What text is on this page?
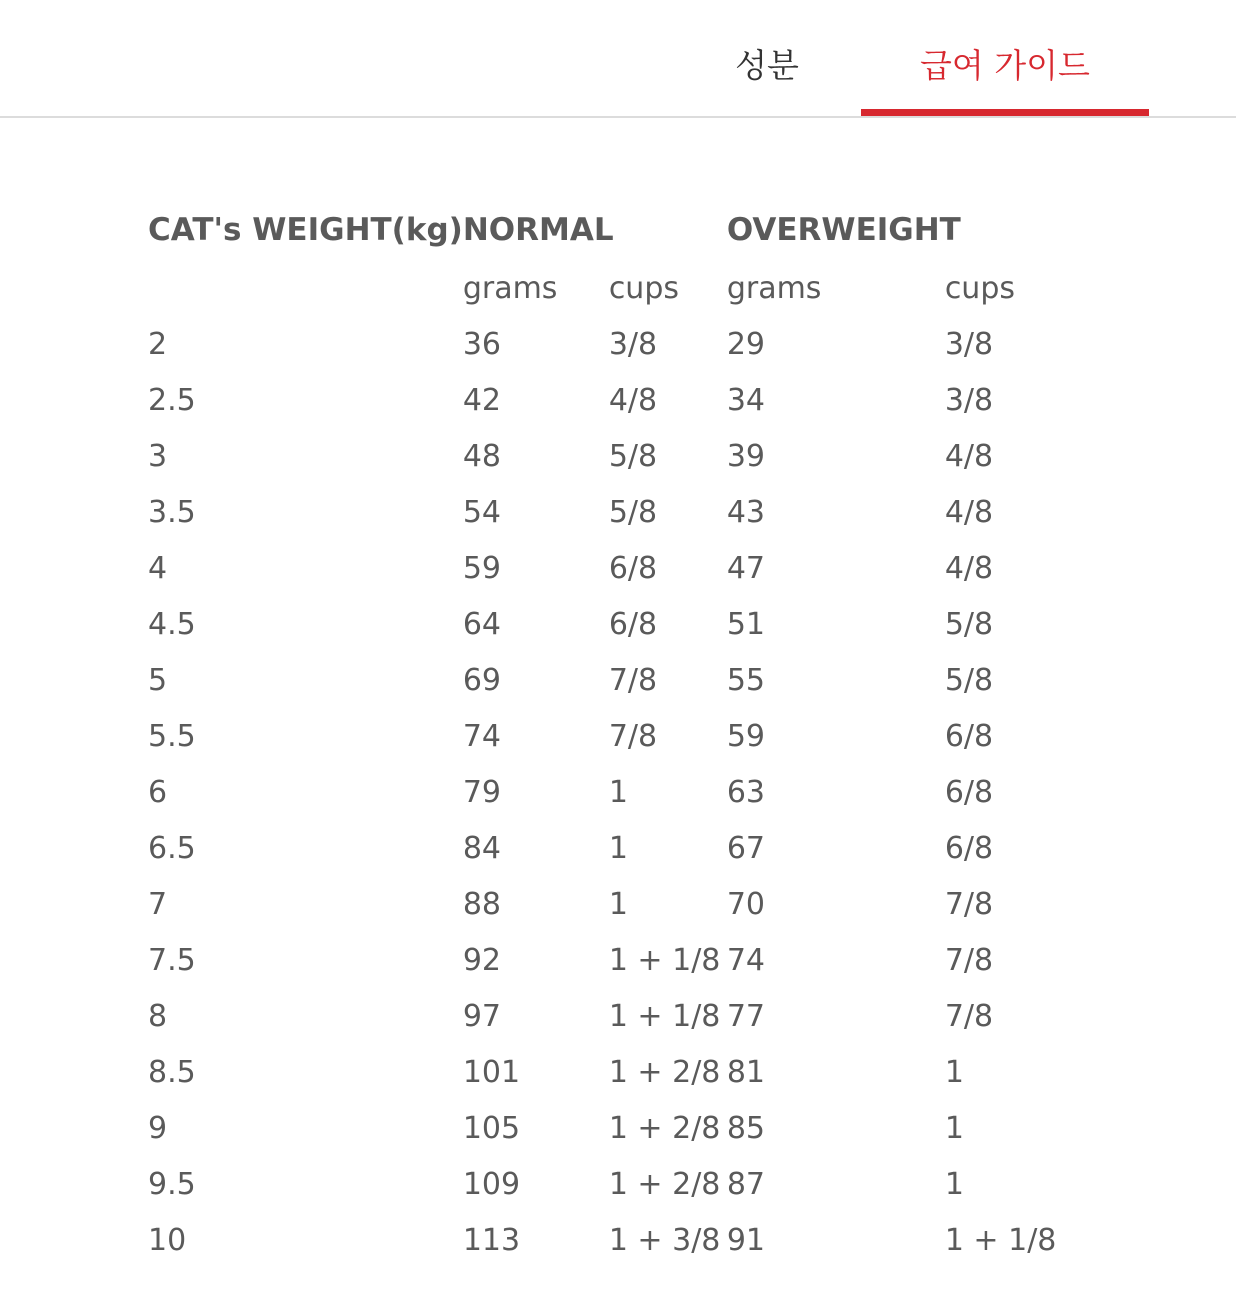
성분	급여 가이드
CAT's WEIGHT(kg)	NORMAL		OVERWEIGHT	
	grams	cups	grams	cups
2	36	3/8	29	3/8
2.5	42	4/8	34	3/8
3	48	5/8	39	4/8
3.5	54	5/8	43	4/8
4	59	6/8	47	4/8
4.5	64	6/8	51	5/8
5	69	7/8	55	5/8
5.5	74	7/8	59	6/8
6	79	1	63	6/8
6.5	84	1	67	6/8
7	88	1	70	7/8
7.5	92	1 + 1/8	74	7/8
8	97	1 + 1/8	77	7/8
8.5	101	1 + 2/8	81	1
9	105	1 + 2/8	85	1
9.5	109	1 + 2/8	87	1
10	113	1 + 3/8	91	1 + 1/8
